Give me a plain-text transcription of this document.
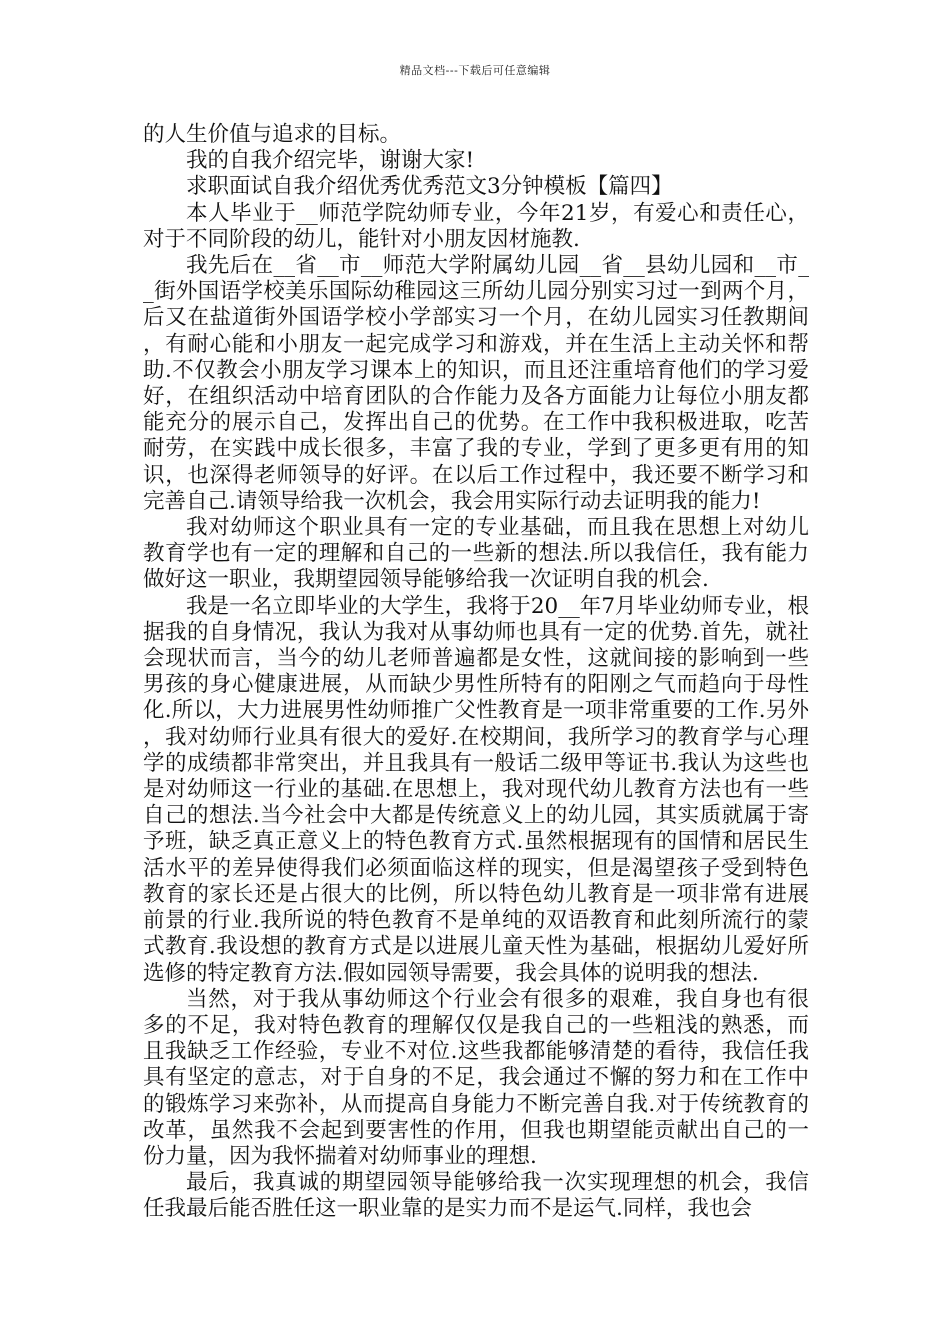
精品文档---下载后可任意编辑

的人生价值与追求的目标。

我的自我介绍完毕，谢谢大家!

求职面试自我介绍优秀优秀范文3分钟模板【篇四】

本人毕业于__师范学院幼师专业，今年21岁，有爱心和责任心，对于不同阶段的幼儿，能针对小朋友因材施教.

我先后在__省__市__师范大学附属幼儿园__省__县幼儿园和__市__街外国语学校美乐国际幼稚园这三所幼儿园分别实习过一到两个月，后又在盐道街外国语学校小学部实习一个月，在幼儿园实习任教期间，有耐心能和小朋友一起完成学习和游戏，并在生活上主动关怀和帮助.不仅教会小朋友学习课本上的知识，而且还注重培育他们的学习爱好，在组织活动中培育团队的合作能力及各方面能力让每位小朋友都能充分的展示自己，发挥出自己的优势。在工作中我积极进取，吃苦耐劳，在实践中成长很多，丰富了我的专业，学到了更多更有用的知识，也深得老师领导的好评。在以后工作过程中，我还要不断学习和完善自己.请领导给我一次机会，我会用实际行动去证明我的能力!

我对幼师这个职业具有一定的专业基础，而且我在思想上对幼儿教育学也有一定的理解和自己的一些新的想法.所以我信任，我有能力做好这一职业，我期望园领导能够给我一次证明自我的机会.

我是一名立即毕业的大学生，我将于20__年7月毕业幼师专业，根据我的自身情况，我认为我对从事幼师也具有一定的优势.首先，就社会现状而言，当今的幼儿老师普遍都是女性，这就间接的影响到一些男孩的身心健康进展，从而缺少男性所特有的阳刚之气而趋向于母性化.所以，大力进展男性幼师推广父性教育是一项非常重要的工作.另外，我对幼师行业具有很大的爱好.在校期间，我所学习的教育学与心理学的成绩都非常突出，并且我具有一般话二级甲等证书.我认为这些也是对幼师这一行业的基础.在思想上，我对现代幼儿教育方法也有一些自己的想法.当今社会中大都是传统意义上的幼儿园，其实质就属于寄予班，缺乏真正意义上的特色教育方式.虽然根据现有的国情和居民生活水平的差异使得我们必须面临这样的现实，但是渴望孩子受到特色教育的家长还是占很大的比例，所以特色幼儿教育是一项非常有进展前景的行业.我所说的特色教育不是单纯的双语教育和此刻所流行的蒙式教育.我设想的教育方式是以进展儿童天性为基础，根据幼儿爱好所选修的特定教育方法.假如园领导需要，我会具体的说明我的想法.

当然，对于我从事幼师这个行业会有很多的艰难，我自身也有很多的不足，我对特色教育的理解仅仅是我自己的一些粗浅的熟悉，而且我缺乏工作经验，专业不对位.这些我都能够清楚的看待，我信任我具有坚定的意志，对于自身的不足，我会通过不懈的努力和在工作中的锻炼学习来弥补，从而提高自身能力不断完善自我.对于传统教育的改革，虽然我不会起到要害性的作用，但我也期望能贡献出自己的一份力量，因为我怀揣着对幼师事业的理想.

最后，我真诚的期望园领导能够给我一次实现理想的机会，我信任我最后能否胜任这一职业靠的是实力而不是运气.同样，我也会
